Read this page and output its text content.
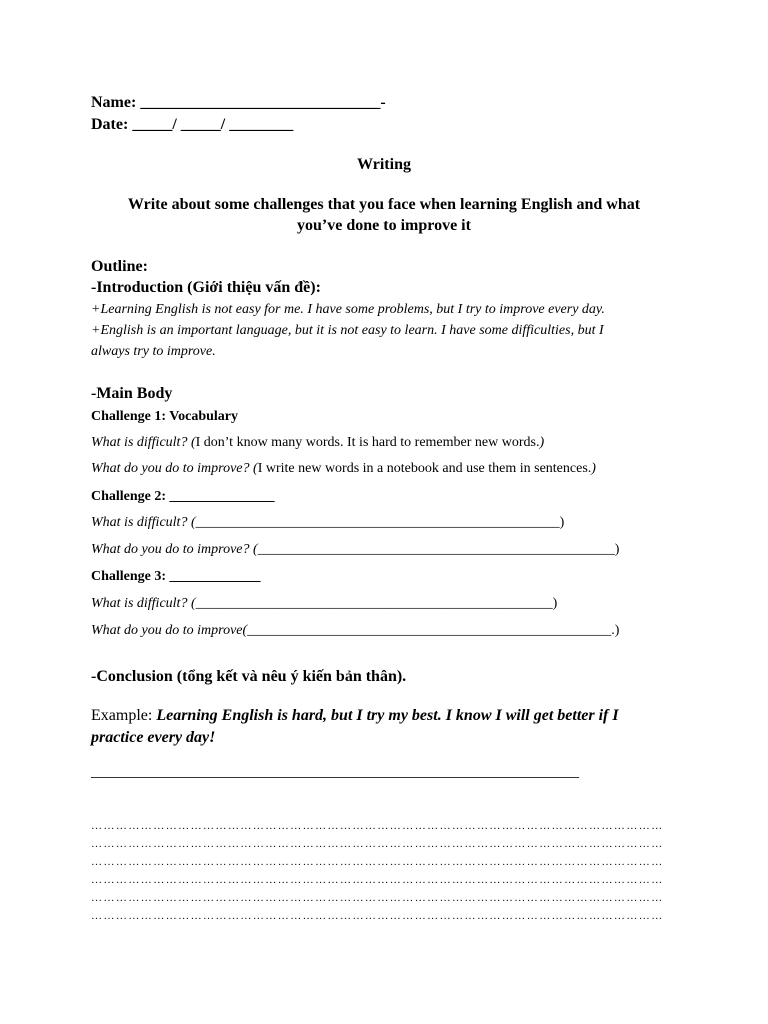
Name: ______________________________-
Date: _____/ _____/ ________
Writing
Write about some challenges that you face when learning English and what
you’ve done to improve it
Outline:
-Introduction (Giới thiệu vấn đề):
+Learning English is not easy for me. I have some problems, but I try to improve every day.
+English is an important language, but it is not easy to learn. I have some difficulties, but I
always try to improve.
-Main Body
Challenge 1: Vocabulary
What is difficult? (I don’t know many words. It is hard to remember new words.)
What do you do to improve? (I write new words in a notebook and use them in sentences.)
Challenge 2: _______________
What is difficult? (____________________________________________________)
What do you do to improve? (___________________________________________________)
Challenge 3: _____________
What is difficult? (___________________________________________________)
What do you do to improve(____________________________________________________.)
-Conclusion (tổng kết và nêu ý kiến bản thân).
Example: Learning English is hard, but I try my best. I know I will get better if I
practice every day!
_____________________________________________________________
…………………………………………………………………………………………………………………………
…………………………………………………………………………………………………………………………
…………………………………………………………………………………………………………………………
…………………………………………………………………………………………………………………………
…………………………………………………………………………………………………………………………
…………………………………………………………………………………………………………………………
